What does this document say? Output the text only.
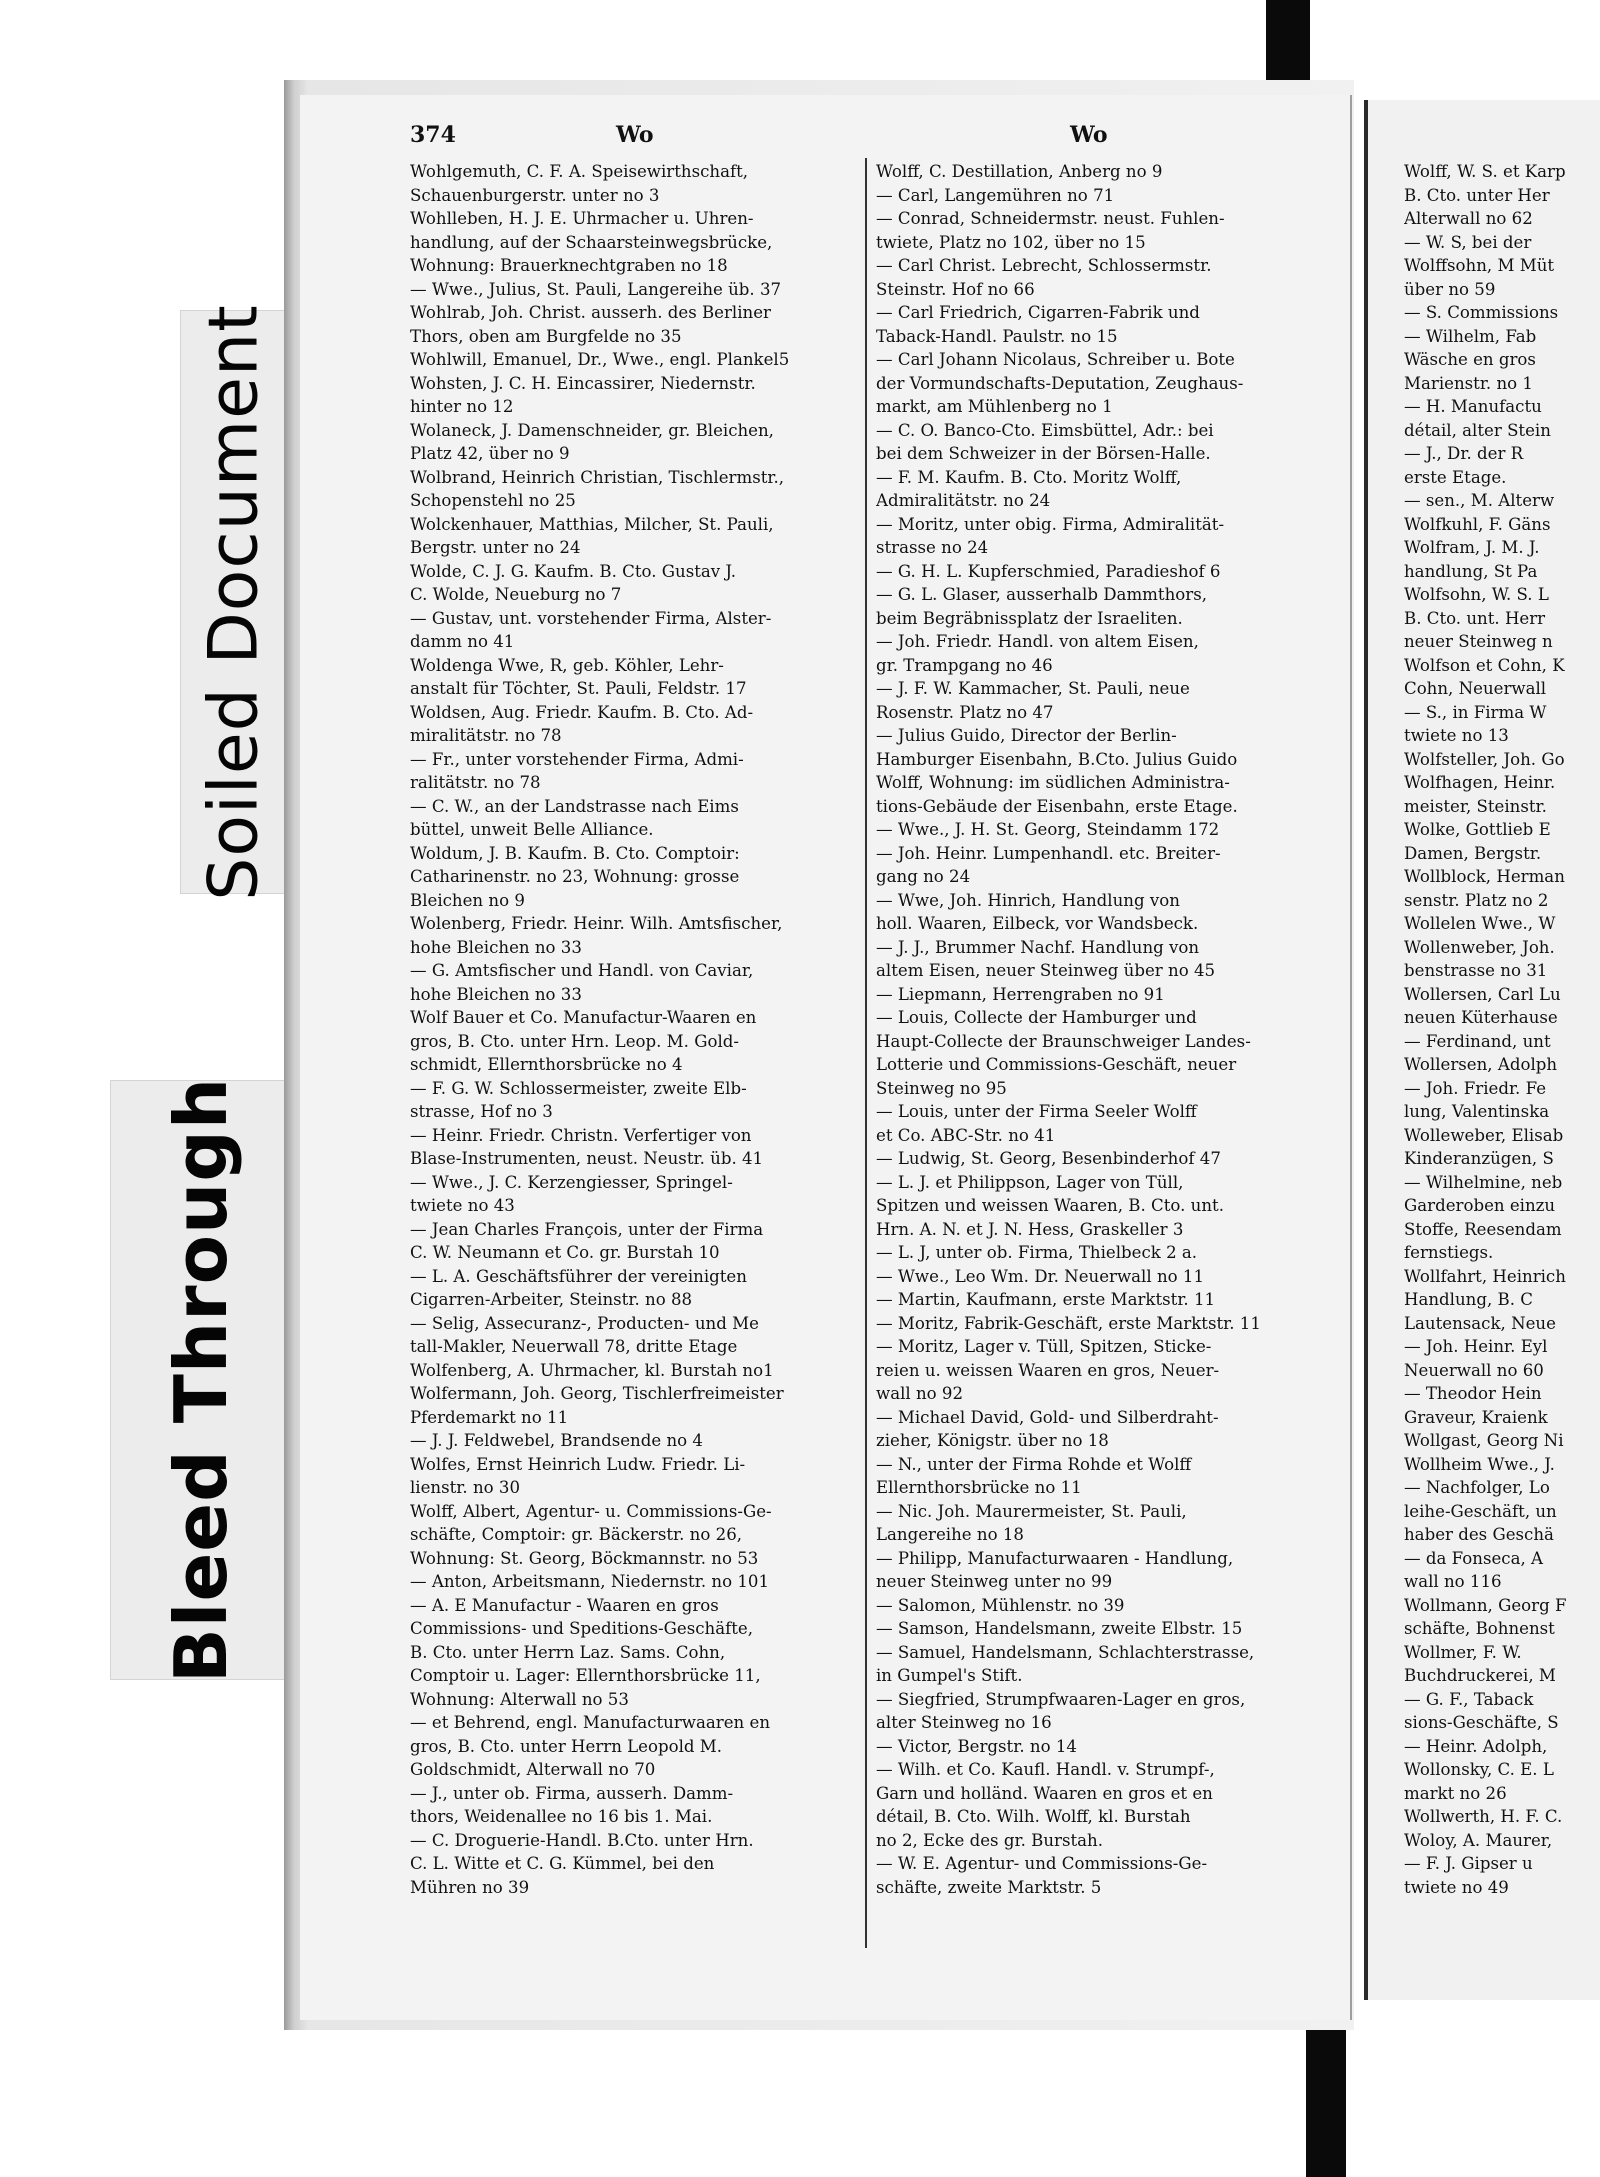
Soiled Document
Bleed Through
374	Wo	Wo
Wohlgemuth, C. F. A. Speisewirthschaft,
Schauenburgerstr. unter no 3
Wohlleben, H. J. E. Uhrmacher u. Uhren-
handlung, auf der Schaarsteinwegsbrücke,
Wohnung: Brauerknechtgraben no 18
— Wwe., Julius, St. Pauli, Langereihe üb. 37
Wohlrab, Joh. Christ. ausserh. des Berliner
Thors, oben am Burgfelde no 35
Wohlwill, Emanuel, Dr., Wwe., engl. Plankel5
Wohsten, J. C. H. Eincassirer, Niedernstr.
hinter no 12
Wolaneck, J. Damenschneider, gr. Bleichen,
Platz 42, über no 9
Wolbrand, Heinrich Christian, Tischlermstr.,
Schopenstehl no 25
Wolckenhauer, Matthias, Milcher, St. Pauli,
Bergstr. unter no 24
Wolde, C. J. G. Kaufm. B. Cto. Gustav J.
C. Wolde, Neueburg no 7
— Gustav, unt. vorstehender Firma, Alster-
damm no 41
Woldenga Wwe, R, geb. Köhler, Lehr-
anstalt für Töchter, St. Pauli, Feldstr. 17
Woldsen, Aug. Friedr. Kaufm. B. Cto. Ad-
miralitätstr. no 78
— Fr., unter vorstehender Firma, Admi-
ralitätstr. no 78
— C. W., an der Landstrasse nach Eims
büttel, unweit Belle Alliance.
Woldum, J. B. Kaufm. B. Cto. Comptoir:
Catharinenstr. no 23, Wohnung: grosse
Bleichen no 9
Wolenberg, Friedr. Heinr. Wilh. Amtsfischer,
hohe Bleichen no 33
— G. Amtsfischer und Handl. von Caviar,
hohe Bleichen no 33
Wolf Bauer et Co. Manufactur-Waaren en
gros, B. Cto. unter Hrn. Leop. M. Gold-
schmidt, Ellernthorsbrücke no 4
— F. G. W. Schlossermeister, zweite Elb-
strasse, Hof no 3
— Heinr. Friedr. Christn. Verfertiger von
Blase-Instrumenten, neust. Neustr. üb. 41
— Wwe., J. C. Kerzengiesser, Springel-
twiete no 43
— Jean Charles François, unter der Firma
C. W. Neumann et Co. gr. Burstah 10
— L. A. Geschäftsführer der vereinigten
Cigarren-Arbeiter, Steinstr. no 88
— Selig, Assecuranz-, Producten- und Me
tall-Makler, Neuerwall 78, dritte Etage
Wolfenberg, A. Uhrmacher, kl. Burstah no1
Wolfermann, Joh. Georg, Tischlerfreimeister
Pferdemarkt no 11
— J. J. Feldwebel, Brandsende no 4
Wolfes, Ernst Heinrich Ludw. Friedr. Li-
lienstr. no 30
Wolff, Albert, Agentur- u. Commissions-Ge-
schäfte, Comptoir: gr. Bäckerstr. no 26,
Wohnung: St. Georg, Böckmannstr. no 53
— Anton, Arbeitsmann, Niedernstr. no 101
— A. E Manufactur - Waaren en gros
Commissions- und Speditions-Geschäfte,
B. Cto. unter Herrn Laz. Sams. Cohn,
Comptoir u. Lager: Ellernthorsbrücke 11,
Wohnung: Alterwall no 53
— et Behrend, engl. Manufacturwaaren en
gros, B. Cto. unter Herrn Leopold M.
Goldschmidt, Alterwall no 70
— J., unter ob. Firma, ausserh. Damm-
thors, Weidenallee no 16 bis 1. Mai.
— C. Droguerie-Handl. B.Cto. unter Hrn.
C. L. Witte et C. G. Kümmel, bei den
Mühren no 39
Wolff, C. Destillation, Anberg no 9
— Carl, Langemühren no 71
— Conrad, Schneidermstr. neust. Fuhlen-
twiete, Platz no 102, über no 15
— Carl Christ. Lebrecht, Schlossermstr.
Steinstr. Hof no 66
— Carl Friedrich, Cigarren-Fabrik und
Taback-Handl. Paulstr. no 15
— Carl Johann Nicolaus, Schreiber u. Bote
der Vormundschafts-Deputation, Zeughaus-
markt, am Mühlenberg no 1
— C. O. Banco-Cto. Eimsbüttel, Adr.: bei
bei dem Schweizer in der Börsen-Halle.
— F. M. Kaufm. B. Cto. Moritz Wolff,
Admiralitätstr. no 24
— Moritz, unter obig. Firma, Admiralität-
strasse no 24
— G. H. L. Kupferschmied, Paradieshof 6
— G. L. Glaser, ausserhalb Dammthors,
beim Begräbnissplatz der Israeliten.
— Joh. Friedr. Handl. von altem Eisen,
gr. Trampgang no 46
— J. F. W. Kammacher, St. Pauli, neue
Rosenstr. Platz no 47
— Julius Guido, Director der Berlin-
Hamburger Eisenbahn, B.Cto. Julius Guido
Wolff, Wohnung: im südlichen Administra-
tions-Gebäude der Eisenbahn, erste Etage.
— Wwe., J. H. St. Georg, Steindamm 172
— Joh. Heinr. Lumpenhandl. etc. Breiter-
gang no 24
— Wwe, Joh. Hinrich, Handlung von
holl. Waaren, Eilbeck, vor Wandsbeck.
— J. J., Brummer Nachf. Handlung von
altem Eisen, neuer Steinweg über no 45
— Liepmann, Herrengraben no 91
— Louis, Collecte der Hamburger und
Haupt-Collecte der Braunschweiger Landes-
Lotterie und Commissions-Geschäft, neuer
Steinweg no 95
— Louis, unter der Firma Seeler Wolff
et Co. ABC-Str. no 41
— Ludwig, St. Georg, Besenbinderhof 47
— L. J. et Philippson, Lager von Tüll,
Spitzen und weissen Waaren, B. Cto. unt.
Hrn. A. N. et J. N. Hess, Graskeller 3
— L. J, unter ob. Firma, Thielbeck 2 a.
— Wwe., Leo Wm. Dr. Neuerwall no 11
— Martin, Kaufmann, erste Marktstr. 11
— Moritz, Fabrik-Geschäft, erste Marktstr. 11
— Moritz, Lager v. Tüll, Spitzen, Sticke-
reien u. weissen Waaren en gros, Neuer-
wall no 92
— Michael David, Gold- und Silberdraht-
zieher, Königstr. über no 18
— N., unter der Firma Rohde et Wolff
Ellernthorsbrücke no 11
— Nic. Joh. Maurermeister, St. Pauli,
Langereihe no 18
— Philipp, Manufacturwaaren - Handlung,
neuer Steinweg unter no 99
— Salomon, Mühlenstr. no 39
— Samson, Handelsmann, zweite Elbstr. 15
— Samuel, Handelsmann, Schlachterstrasse,
in Gumpel's Stift.
— Siegfried, Strumpfwaaren-Lager en gros,
alter Steinweg no 16
— Victor, Bergstr. no 14
— Wilh. et Co. Kaufl. Handl. v. Strumpf-,
Garn und holländ. Waaren en gros et en
détail, B. Cto. Wilh. Wolff, kl. Burstah
no 2, Ecke des gr. Burstah.
— W. E. Agentur- und Commissions-Ge-
schäfte, zweite Marktstr. 5
Wolff, W. S. et Karp
B. Cto. unter Her
Alterwall no 62
— W. S, bei der
Wolffsohn, M Müt
über no 59
— S. Commissions
— Wilhelm, Fab
Wäsche en gros
Marienstr. no 1
— H. Manufactu
détail, alter Stein
— J., Dr. der R
erste Etage.
— sen., M. Alterw
Wolfkuhl, F. Gäns
Wolfram, J. M. J.
handlung, St Pa
Wolfsohn, W. S. L
B. Cto. unt. Herr
neuer Steinweg n
Wolfson et Cohn, K
Cohn, Neuerwall
— S., in Firma W
twiete no 13
Wolfsteller, Joh. Go
Wolfhagen, Heinr.
meister, Steinstr.
Wolke, Gottlieb E
Damen, Bergstr.
Wollblock, Herman
senstr. Platz no 2
Wollelen Wwe., W
Wollenweber, Joh.
benstrasse no 31
Wollersen, Carl Lu
neuen Küterhause
— Ferdinand, unt
Wollersen, Adolph
— Joh. Friedr. Fe
lung, Valentinska
Wolleweber, Elisab
Kinderanzügen, S
— Wilhelmine, neb
Garderoben einzu
Stoffe, Reesendam
fernstiegs.
Wollfahrt, Heinrich
Handlung, B. C
Lautensack, Neue
— Joh. Heinr. Eyl
Neuerwall no 60
— Theodor Hein
Graveur, Kraienk
Wollgast, Georg Ni
Wollheim Wwe., J.
— Nachfolger, Lo
leihe-Geschäft, un
haber des Geschä
— da Fonseca, A
wall no 116
Wollmann, Georg F
schäfte, Bohnenst
Wollmer, F. W.
Buchdruckerei, M
— G. F., Taback
sions-Geschäfte, S
— Heinr. Adolph,
Wollonsky, C. E. L
markt no 26
Wollwerth, H. F. C.
Woloy, A. Maurer,
— F. J. Gipser u
twiete no 49
